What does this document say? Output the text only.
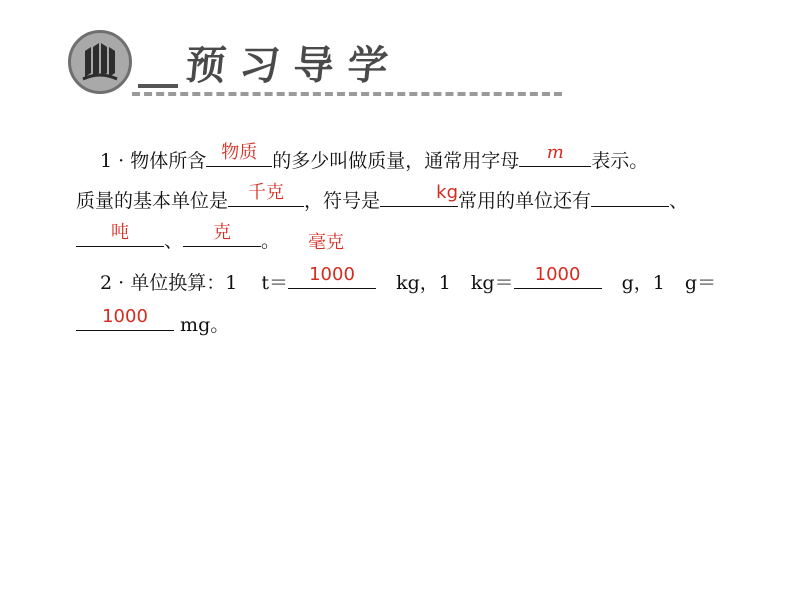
预习导学
1 · 物体所含 物质 的多少叫做质量，通常用字母	m	表示。
质量的基本单位是	千克	，符号是	kg 常用的单位还有	、
吨	、	克	。 毫克
2 · 单位换算：1 t＝	1000	kg，1 kg＝	1000	g，1 g＝
1000	mg。
